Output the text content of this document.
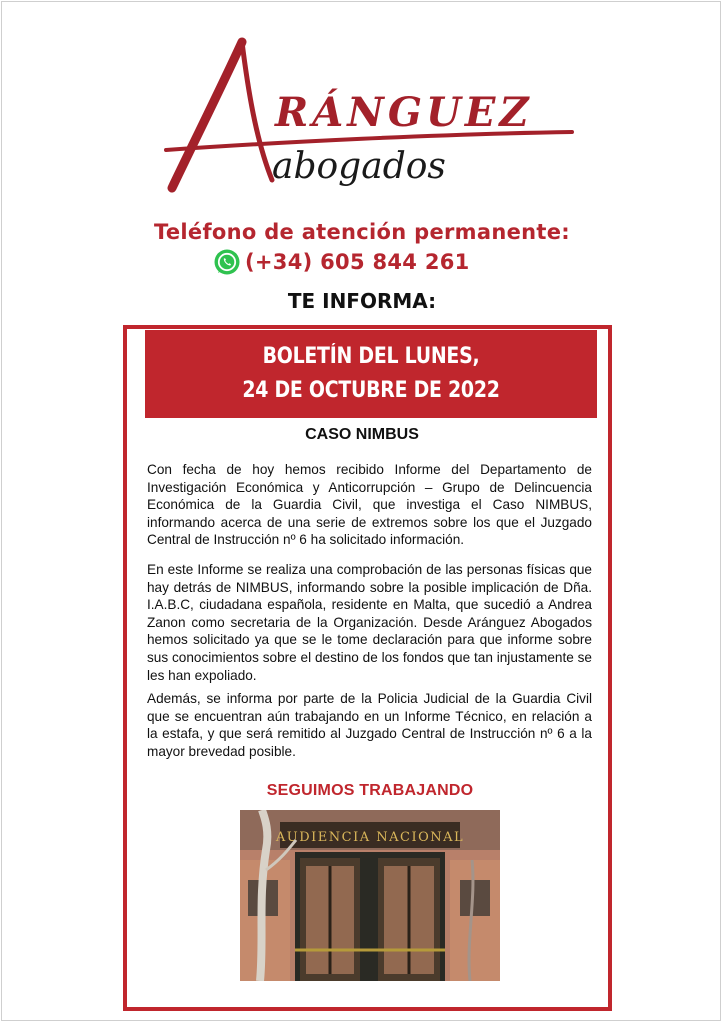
RÁNGUEZ
abogados
Teléfono de atención permanente:
(+34) 605 844 261
TE INFORMA:
BOLETÍN DEL LUNES,
24 DE OCTUBRE DE 2022
CASO NIMBUS
Con fecha de hoy hemos recibido Informe del Departamento de Investigación Económica y Anticorrupción – Grupo de Delincuencia Económica de la Guardia Civil, que investiga el Caso NIMBUS, informando acerca de una serie de extremos sobre los que el Juzgado Central de Instrucción nº 6 ha solicitado información.
En este Informe se realiza una comprobación de las personas físicas que hay detrás de NIMBUS, informando sobre la posible implicación de Dña. I.A.B.C, ciudadana española, residente en Malta, que sucedió a Andrea Zanon como secretaria de la Organización. Desde Aránguez Abogados hemos solicitado ya que se le tome declaración para que informe sobre sus conocimientos sobre el destino de los fondos que tan injustamente se les han expoliado.
Además, se informa por parte de la Policia Judicial de la Guardia Civil que se encuentran aún trabajando en un Informe Técnico, en relación a la estafa, y que será remitido al Juzgado Central de Instrucción nº 6 a la mayor brevedad posible.
SEGUIMOS TRABAJANDO
AUDIENCIA NACIONAL
